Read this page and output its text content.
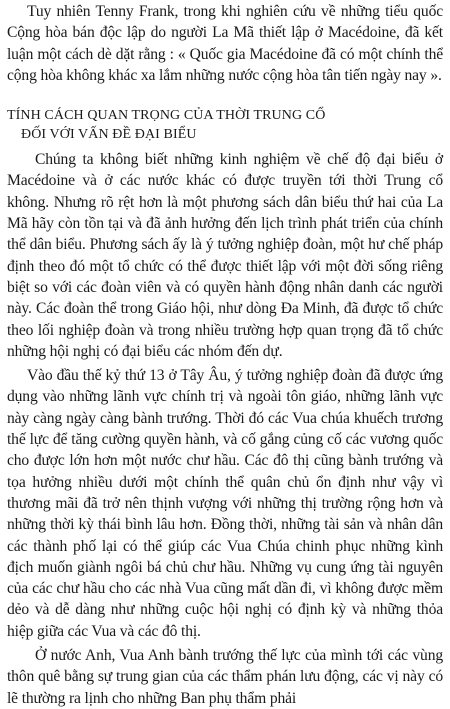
Tuy nhiên Tenny Frank, trong khi nghiên cứu về những tiểu quốc Cộng hòa bán độc lập do người La Mã thiết lập ở Macédoine, đã kết luận một cách dè dặt rằng : « Quốc gia Macédoine đã có một chính thể cộng hòa không khác xa lắm những nước cộng hòa tân tiến ngày nay ».

TÍNH CÁCH QUAN TRỌNG CỦA THỜI TRUNG CỔ
ĐỐI VỚI VẤN ĐỀ ĐẠI BIỂU

Chúng ta không biết những kinh nghiệm về chế độ đại biểu ở Macédoine và ở các nước khác có được truyền tới thời Trung cổ không. Nhưng rõ rệt hơn là một phương sách dân biểu thứ hai của La Mã hãy còn tồn tại và đã ảnh hưởng đến lịch trình phát triển của chính thể dân biểu. Phương sách ấy là ý tưởng nghiệp đoàn, một hư chế pháp định theo đó một tổ chức có thể được thiết lập với một đời sống riêng biệt so với các đoàn viên và có quyền hành động nhân danh các người này. Các đoàn thể trong Giáo hội, như dòng Đa Minh, đã được tổ chức theo lối nghiệp đoàn và trong nhiều trường hợp quan trọng đã tổ chức những hội nghị có đại biểu các nhóm đến dự.

Vào đầu thế kỷ thứ 13 ở Tây Âu, ý tưởng nghiệp đoàn đã được ứng dụng vào những lãnh vực chính trị và ngoài tôn giáo, những lãnh vực này càng ngày càng bành trướng. Thời đó các Vua chúa khuếch trương thế lực để tăng cường quyền hành, và cố gắng củng cố các vương quốc cho được lớn hơn một nước chư hầu. Các đô thị cũng bành trướng và tọa hưởng nhiều dưới một chính thể quân chủ ổn định như vậy vì thương mãi đã trở nên thịnh vượng với những thị trường rộng hơn và những thời kỳ thái bình lâu hơn. Đồng thời, những tài sản và nhân dân các thành phố lại có thể giúp các Vua Chúa chinh phục những kình địch muốn giành ngôi bá chủ chư hầu. Những vụ cung ứng tài nguyên của các chư hầu cho các nhà Vua cũng mất dần đi, vì không được mềm dẻo và dễ dàng như những cuộc hội nghị có định kỳ và những thỏa hiệp giữa các Vua và các đô thị.

Ở nước Anh, Vua Anh bành trướng thế lực của mình tới các vùng thôn quê bằng sự trung gian của các thẩm phán lưu động, các vị này có lẽ thường ra lịnh cho những Ban phụ thẩm phải
